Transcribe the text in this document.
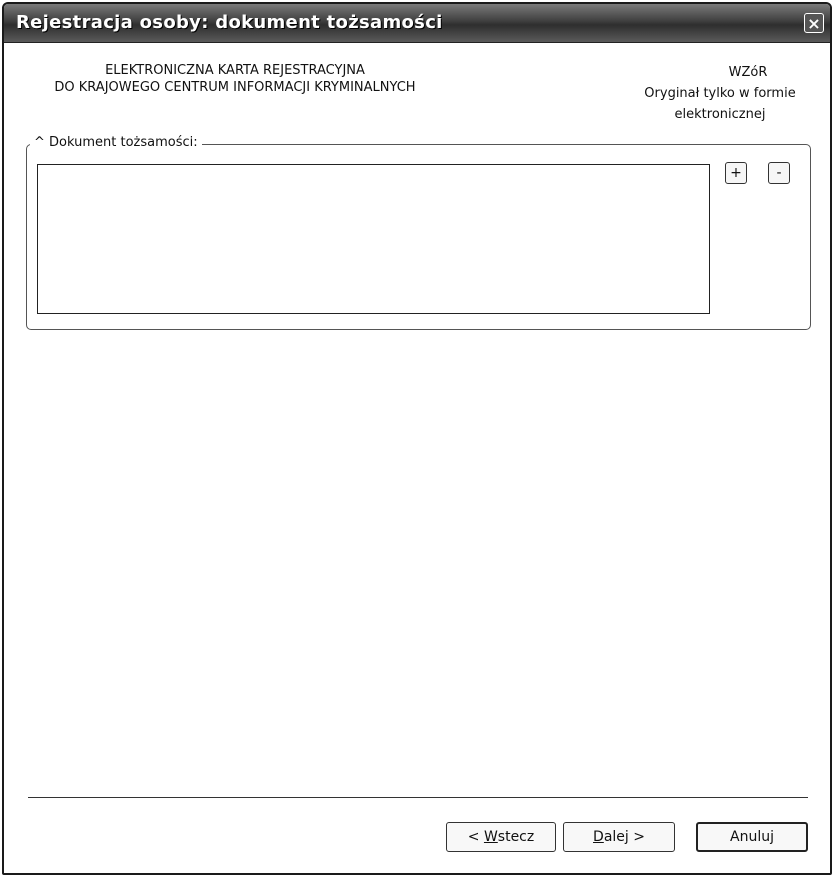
Rejestracja osoby: dokument tożsamości	×
ELEKTRONICZNA KARTA REJESTRACYJNA
DO KRAJOWEGO CENTRUM INFORMACJI KRYMINALNYCH
WZóR
Oryginał tylko w formie
elektronicznej
^ Dokument tożsamości:
+	-
< Wstecz	Dalej >	Anuluj
